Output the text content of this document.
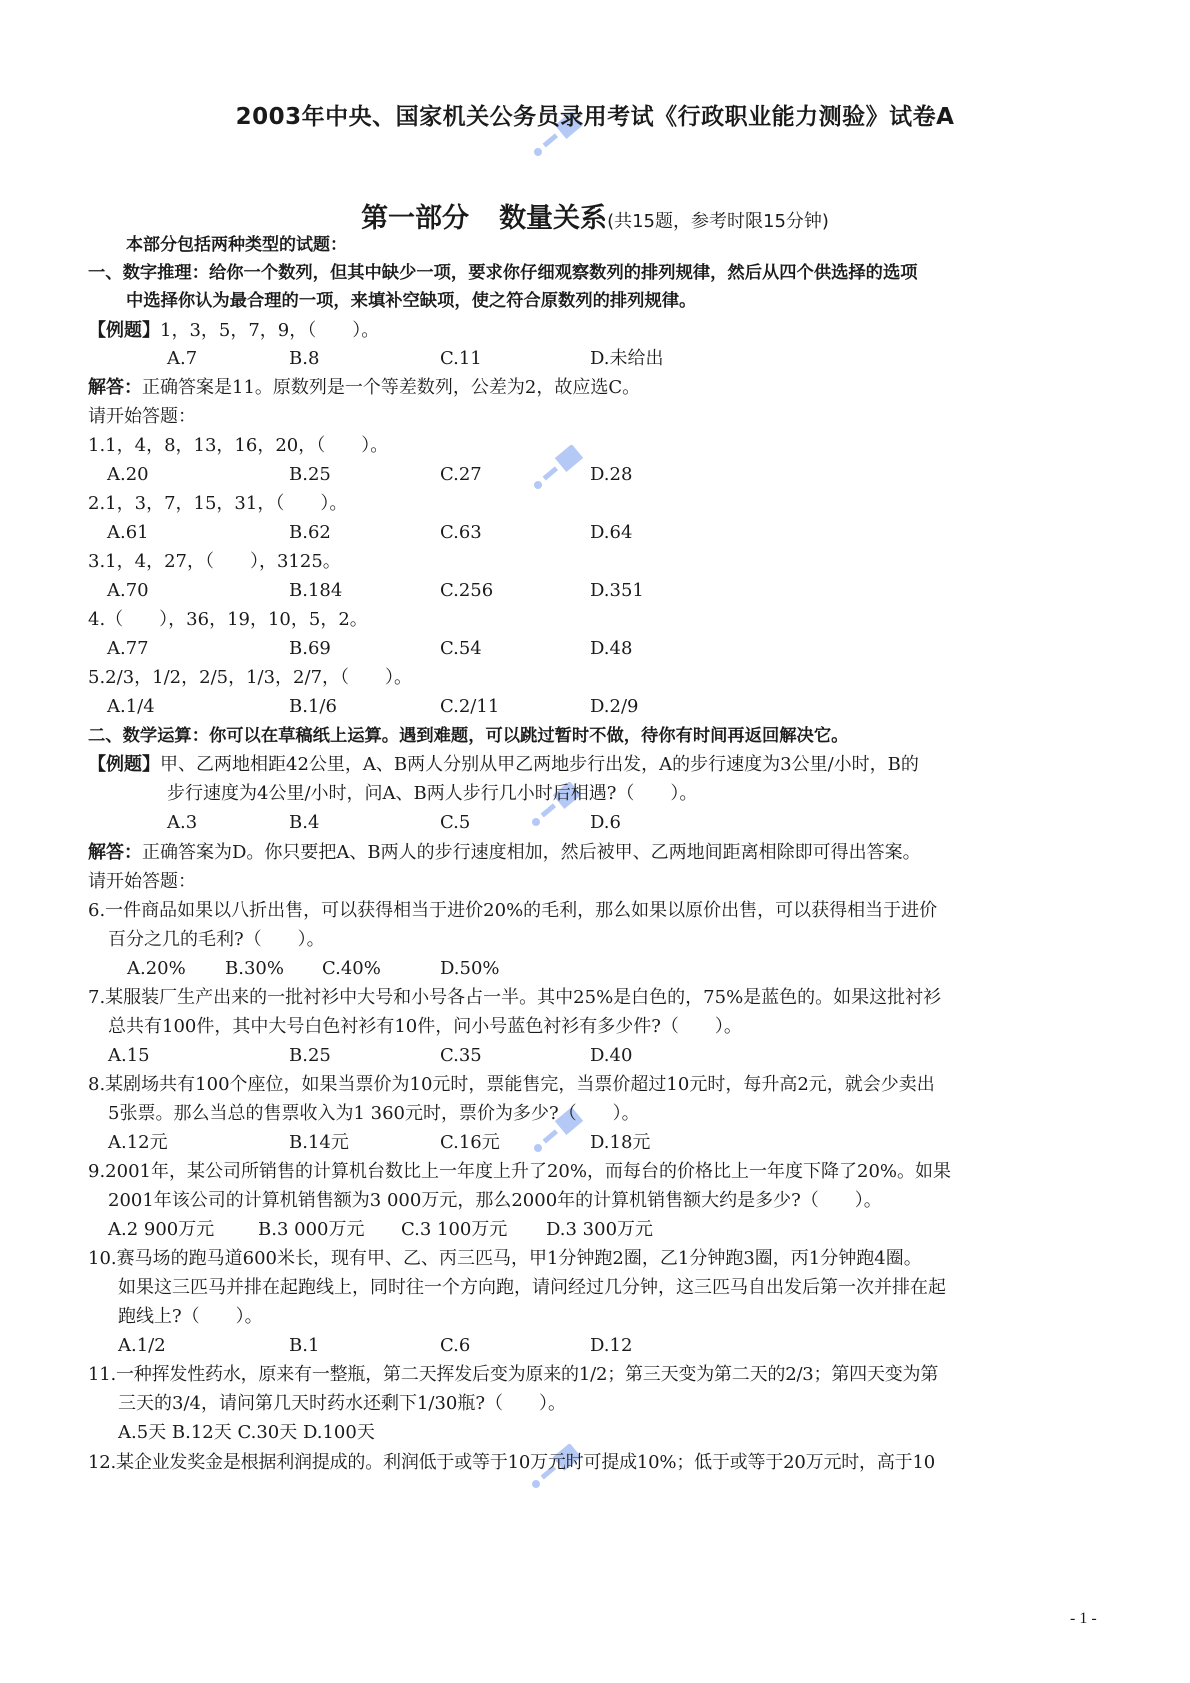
2003年中央、国家机关公务员录用考试《行政职业能力测验》试卷A
第一部分 数量关系(共15题，参考时限15分钟)
本部分包括两种类型的试题：
一、数字推理：给你一个数列，但其中缺少一项，要求你仔细观察数列的排列规律，然后从四个供选择的选项
中选择你认为最合理的一项，来填补空缺项，使之符合原数列的排列规律。
【例题】1，3，5，7，9，（　　）。
A.7	B.8	C.11	D.未给出
解答：正确答案是11。原数列是一个等差数列，公差为2，故应选C。
请开始答题：
1.1，4，8，13，16，20，（　　）。
A.20	B.25	C.27	D.28
2.1，3，7，15，31，（　　）。
A.61	B.62	C.63	D.64
3.1，4，27，（　　），3125。
A.70	B.184	C.256	D.351
4.（　　），36，19，10，5，2。
A.77	B.69	C.54	D.48
5.2/3，1/2，2/5，1/3，2/7，（　　）。
A.1/4	B.1/6	C.2/11	D.2/9
二、数学运算：你可以在草稿纸上运算。遇到难题，可以跳过暂时不做，待你有时间再返回解决它。
【例题】甲、乙两地相距42公里，A、B两人分别从甲乙两地步行出发，A的步行速度为3公里/小时，B的
步行速度为4公里/小时，问A、B两人步行几小时后相遇?（　　）。
A.3	B.4	C.5	D.6
解答：正确答案为D。你只要把A、B两人的步行速度相加，然后被甲、乙两地间距离相除即可得出答案。
请开始答题：
6.一件商品如果以八折出售，可以获得相当于进价20%的毛利，那么如果以原价出售，可以获得相当于进价
百分之几的毛利?（　　）。
A.20% B.30% C.40%	D.50%
7.某服装厂生产出来的一批衬衫中大号和小号各占一半。其中25%是白色的，75%是蓝色的。如果这批衬衫
总共有100件，其中大号白色衬衫有10件，问小号蓝色衬衫有多少件?（　　）。
A.15	B.25	C.35	D.40
8.某剧场共有100个座位，如果当票价为10元时，票能售完，当票价超过10元时，每升高2元，就会少卖出
5张票。那么当总的售票收入为1 360元时，票价为多少?（　　）。
A.12元	B.14元	C.16元	D.18元
9.2001年，某公司所销售的计算机台数比上一年度上升了20%，而每台的价格比上一年度下降了20%。如果
2001年该公司的计算机销售额为3 000万元，那么2000年的计算机销售额大约是多少?（　　）。
A.2 900万元 B.3 000万元 C.3 100万元 D.3 300万元
10.赛马场的跑马道600米长，现有甲、乙、丙三匹马，甲1分钟跑2圈，乙1分钟跑3圈，丙1分钟跑4圈。
如果这三匹马并排在起跑线上，同时往一个方向跑，请问经过几分钟，这三匹马自出发后第一次并排在起
跑线上?（　　）。
A.1/2	B.1	C.6	D.12
11.一种挥发性药水，原来有一整瓶，第二天挥发后变为原来的1/2；第三天变为第二天的2/3；第四天变为第
三天的3/4，请问第几天时药水还剩下1/30瓶?（　　）。
A.5天 B.12天 C.30天 D.100天
12.某企业发奖金是根据利润提成的。利润低于或等于10万元时可提成10%；低于或等于20万元时，高于10
- 1 -
